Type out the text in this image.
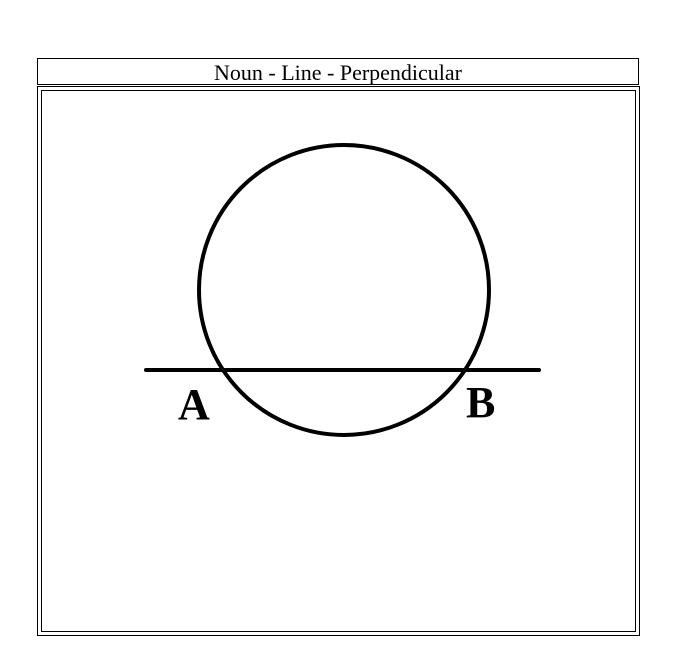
Noun - Line - Perpendicular
A	B
